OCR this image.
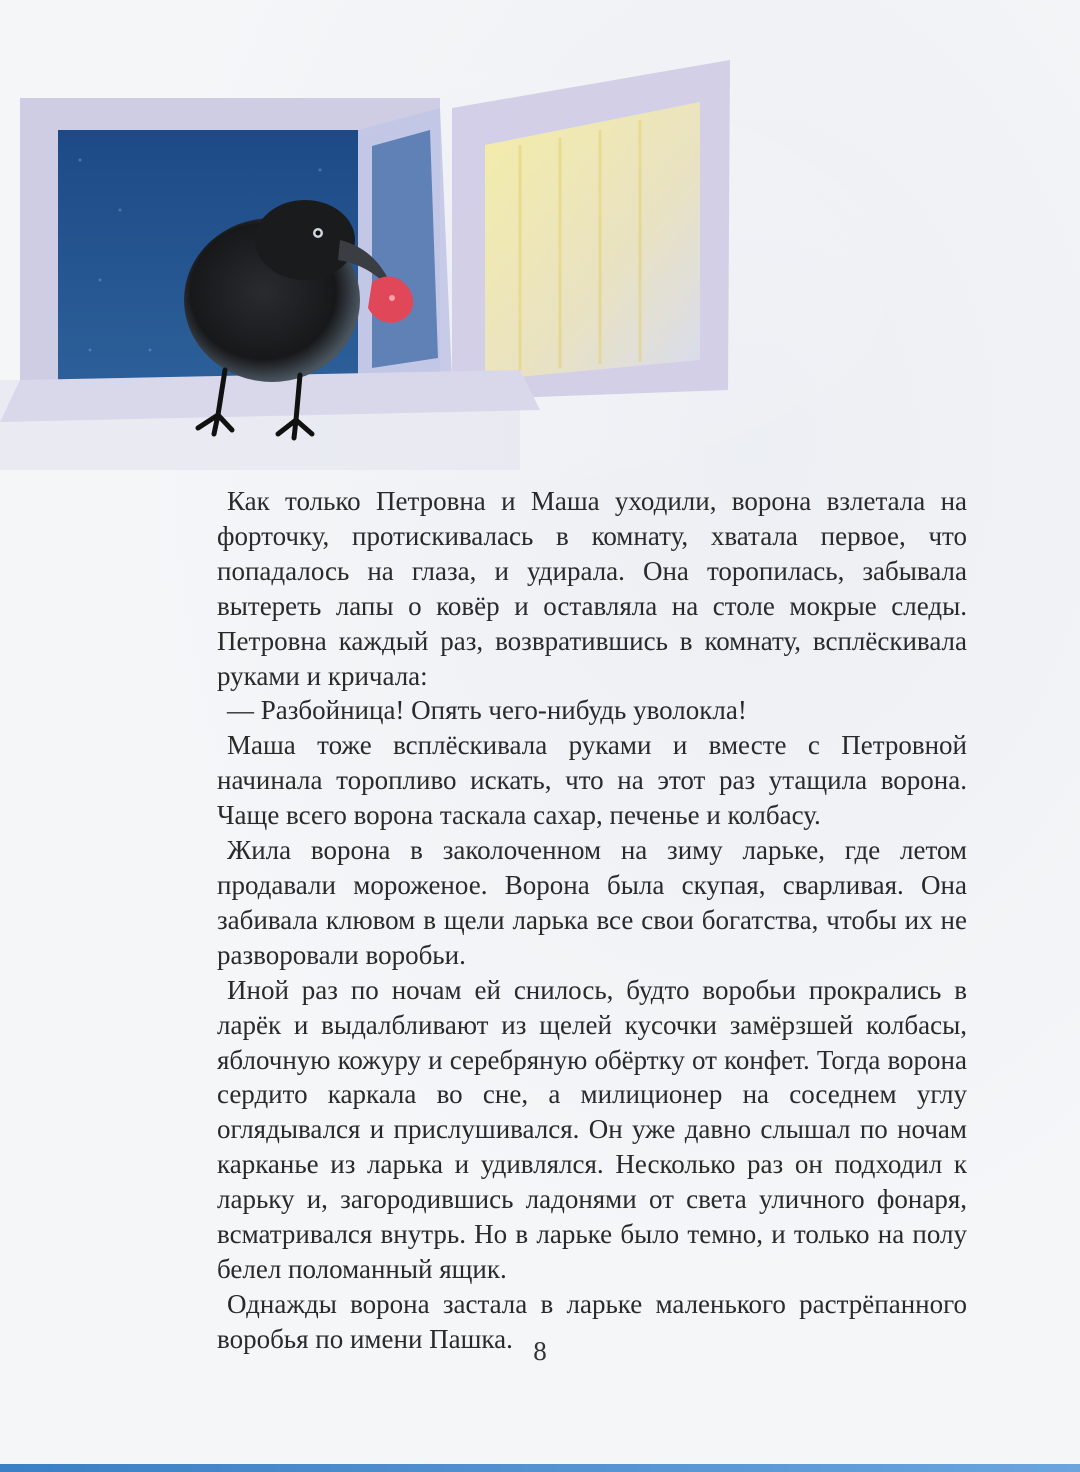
Как только Петровна и Маша уходили, ворона взлетала на форточку, протискивалась в комнату, хватала первое, что попадалось на глаза, и удирала. Она торопилась, забывала вытереть лапы о ковёр и оставляла на столе мокрые следы. Петровна каждый раз, возвратившись в комнату, всплёскивала руками и кричала:

— Разбойница! Опять чего-нибудь уволокла!

Маша тоже всплёскивала руками и вместе с Петровной начинала торопливо искать, что на этот раз утащила ворона. Чаще всего ворона таскала сахар, печенье и колбасу.

Жила ворона в заколоченном на зиму ларьке, где летом продавали мороженое. Ворона была скупая, сварливая. Она забивала клювом в щели ларька все свои богатства, чтобы их не разворовали воробьи.

Иной раз по ночам ей снилось, будто воробьи прокрались в ларёк и выдалбливают из щелей кусочки замёрзшей колбасы, яблочную кожуру и серебряную обёртку от конфет. Тогда ворона сердито каркала во сне, а милиционер на соседнем углу оглядывался и прислушивался. Он уже давно слышал по ночам карканье из ларька и удивлялся. Несколько раз он подходил к ларьку и, загородившись ладонями от света уличного фонаря, всматривался внутрь. Но в ларьке было темно, и только на полу белел поломанный ящик.

Однажды ворона застала в ларьке маленького растрёпанного воробья по имени Пашка. 8
